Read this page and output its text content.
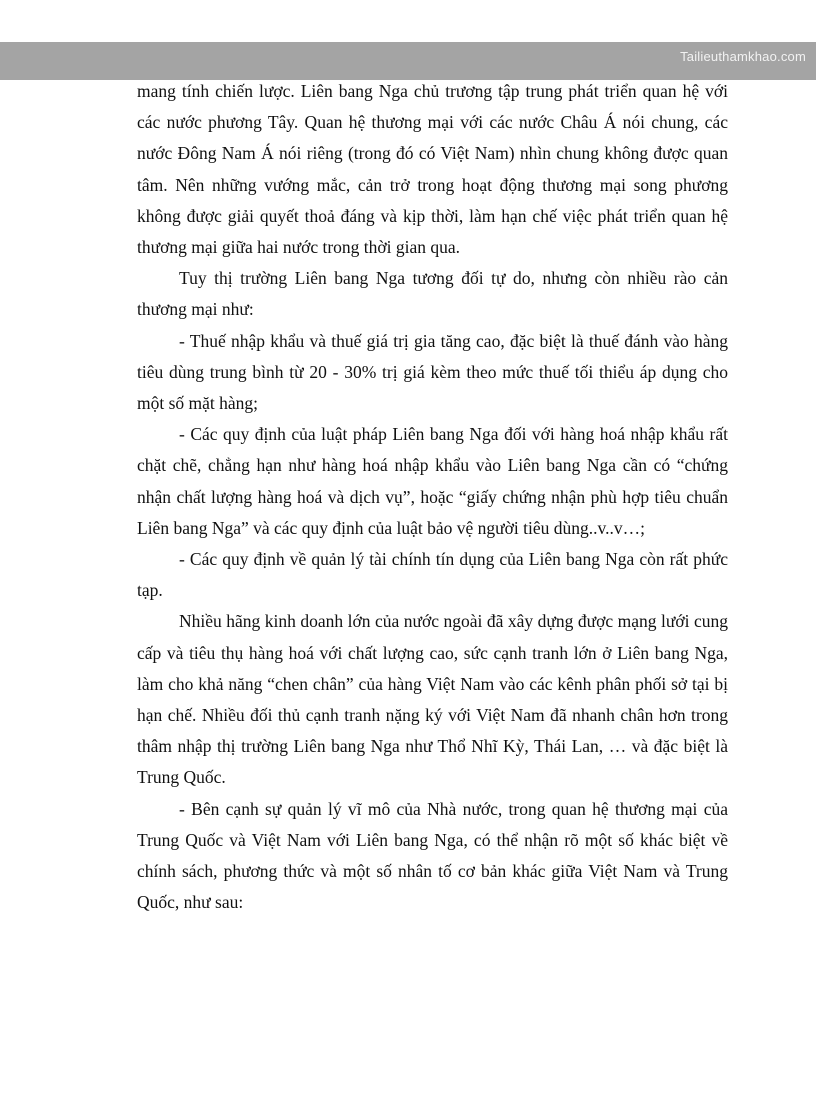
Tailieuthamkhao.com

mang tính chiến lược. Liên bang Nga chủ trương tập trung phát triển quan hệ với các nước phương Tây. Quan hệ thương mại với các nước Châu Á nói chung, các nước Đông Nam Á nói riêng (trong đó có Việt Nam) nhìn chung không được quan tâm. Nên những vướng mắc, cản trở trong hoạt động thương mại song phương không được giải quyết thoả đáng và kịp thời, làm hạn chế việc phát triển quan hệ thương mại giữa hai nước trong thời gian qua.

Tuy thị trường Liên bang Nga tương đối tự do, nhưng còn nhiều rào cản thương mại như:

- Thuế nhập khẩu và thuế giá trị gia tăng cao, đặc biệt là thuế đánh vào hàng tiêu dùng trung bình từ 20 - 30% trị giá kèm theo mức thuế tối thiểu áp dụng cho một số mặt hàng;

- Các quy định của luật pháp Liên bang Nga đối với hàng hoá nhập khẩu rất chặt chẽ, chẳng hạn như hàng hoá nhập khẩu vào Liên bang Nga cần có “chứng nhận chất lượng hàng hoá và dịch vụ”, hoặc “giấy chứng nhận phù hợp tiêu chuẩn Liên bang Nga” và các quy định của luật bảo vệ người tiêu dùng..v..v…;

- Các quy định về quản lý tài chính tín dụng của Liên bang Nga còn rất phức tạp.

Nhiều hãng kinh doanh lớn của nước ngoài đã xây dựng được mạng lưới cung cấp và tiêu thụ hàng hoá với chất lượng cao, sức cạnh tranh lớn ở Liên bang Nga, làm cho khả năng “chen chân” của hàng Việt Nam vào các kênh phân phối sở tại bị hạn chế. Nhiều đối thủ cạnh tranh nặng ký với Việt Nam đã nhanh chân hơn trong thâm nhập thị trường Liên bang Nga như Thổ Nhĩ Kỳ, Thái Lan, … và đặc biệt là Trung Quốc.

- Bên cạnh sự quản lý vĩ mô của Nhà nước, trong quan hệ thương mại của Trung Quốc và Việt Nam với Liên bang Nga, có thể nhận rõ một số khác biệt về chính sách, phương thức và một số nhân tố cơ bản khác giữa Việt Nam và Trung Quốc, như sau:
